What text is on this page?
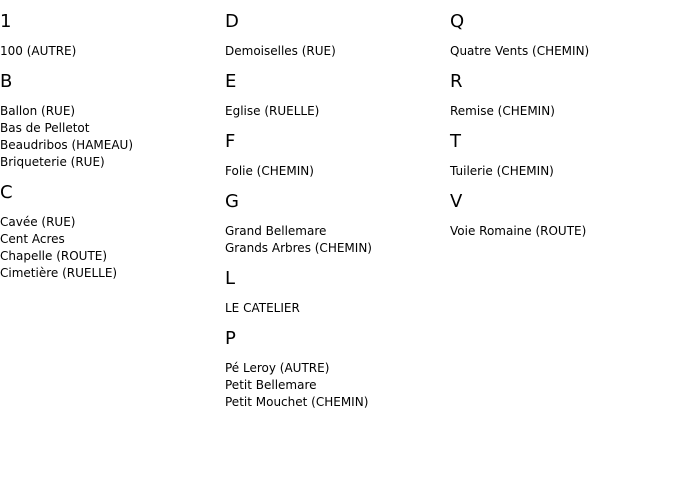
1
100 (AUTRE)
B
Ballon (RUE)
Bas de Pelletot
Beaudribos (HAMEAU)
Briqueterie (RUE)
C
Cavée (RUE)
Cent Acres
Chapelle (ROUTE)
Cimetière (RUELLE)
D
Demoiselles (RUE)
E
Eglise (RUELLE)
F
Folie (CHEMIN)
G
Grand Bellemare
Grands Arbres (CHEMIN)
L
LE CATELIER
P
Pé Leroy (AUTRE)
Petit Bellemare
Petit Mouchet (CHEMIN)
Q
Quatre Vents (CHEMIN)
R
Remise (CHEMIN)
T
Tuilerie (CHEMIN)
V
Voie Romaine (ROUTE)
